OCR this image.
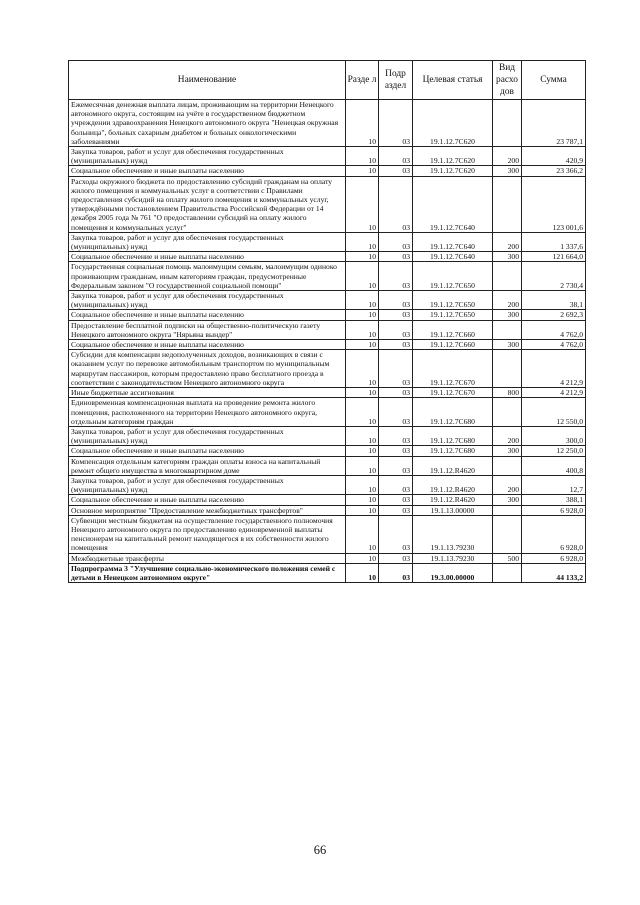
Наименование	Разде л	Подр аздел	Целевая статья	Вид расхо дов	Сумма
Ежемесячная денежная выплата лицам, проживающим на территории Ненецкого автономного округа, состоящим на учёте в государственном бюджетном учреждении здравоохранения Ненецкого автономного округа "Ненецкая окружная больница", больных сахарным диабетом и больных онкологическими заболеваниями	10	03	19.1.12.7С620		23 787,1
Закупка товаров, работ и услуг для обеспечения государственных (муниципальных) нужд	10	03	19.1.12.7С620	200	420,9
Социальное обеспечение и иные выплаты населению	10	03	19.1.12.7С620	300	23 366,2
Расходы окружного бюджета по предоставлению субсидий гражданам на оплату жилого помещения и коммунальных услуг в соответствии с Правилами предоставления субсидий на оплату жилого помещения и коммунальных услуг, утверждёнными постановлением Правительства Российской Федерации от 14 декабря 2005 года № 761 "О предоставлении субсидий на оплату жилого помещения и коммунальных услуг"	10	03	19.1.12.7С640		123 001,6
Закупка товаров, работ и услуг для обеспечения государственных (муниципальных) нужд	10	03	19.1.12.7С640	200	1 337,6
Социальное обеспечение и иные выплаты населению	10	03	19.1.12.7С640	300	121 664,0
Государственная социальная помощь малоимущим семьям, малоимущим одиноко проживающим гражданам, иным категориям граждан, предусмотренные Федеральным законом "О государственной социальной помощи"	10	03	19.1.12.7С650		2 730,4
Закупка товаров, работ и услуг для обеспечения государственных (муниципальных) нужд	10	03	19.1.12.7С650	200	38,1
Социальное обеспечение и иные выплаты населению	10	03	19.1.12.7С650	300	2 692,3
Предоставление бесплатной подписки на общественно-политическую газету Ненецкого автономного округа "Нярьяна вындер"	10	03	19.1.12.7С660		4 762,0
Социальное обеспечение и иные выплаты населению	10	03	19.1.12.7С660	300	4 762,0
Субсидии для компенсации недополученных доходов, возникающих в связи с оказанием услуг по перевозке автомобильным транспортом по муниципальным маршрутам пассажиров, которым предоставлено право бесплатного проезда в соответствии с законодательством Ненецкого автономного округа	10	03	19.1.12.7С670		4 212,9
Иные бюджетные ассигнования	10	03	19.1.12.7С670	800	4 212,9
Единовременная компенсационная выплата на проведение ремонта жилого помещения, расположенного на территории Ненецкого автономного округа, отдельным категориям граждан	10	03	19.1.12.7С680		12 550,0
Закупка товаров, работ и услуг для обеспечения государственных (муниципальных) нужд	10	03	19.1.12.7С680	200	300,0
Социальное обеспечение и иные выплаты населению	10	03	19.1.12.7С680	300	12 250,0
Компенсация отдельным категориям граждан оплаты взноса на капитальный ремонт общего имущества в многоквартирном доме	10	03	19.1.12.R4620		400,8
Закупка товаров, работ и услуг для обеспечения государственных (муниципальных) нужд	10	03	19.1.12.R4620	200	12,7
Социальное обеспечение и иные выплаты населению	10	03	19.1.12.R4620	300	388,1
Основное мероприятие "Предоставление межбюджетных трансфертов"	10	03	19.1.13.00000		6 928,0
Субвенции местным бюджетам на осуществление государственного полномочия Ненецкого автономного округа по предоставлению единовременной выплаты пенсионерам на капитальный ремонт находящегося в их собственности жилого помещения	10	03	19.1.13.79230		6 928,0
Межбюджетные трансферты	10	03	19.1.13.79230	500	6 928,0
Подпрограмма 3 "Улучшение социально-экономического положения семей с детьми в Ненецком автономном округе"	10	03	19.3.00.00000		44 133,2
66
